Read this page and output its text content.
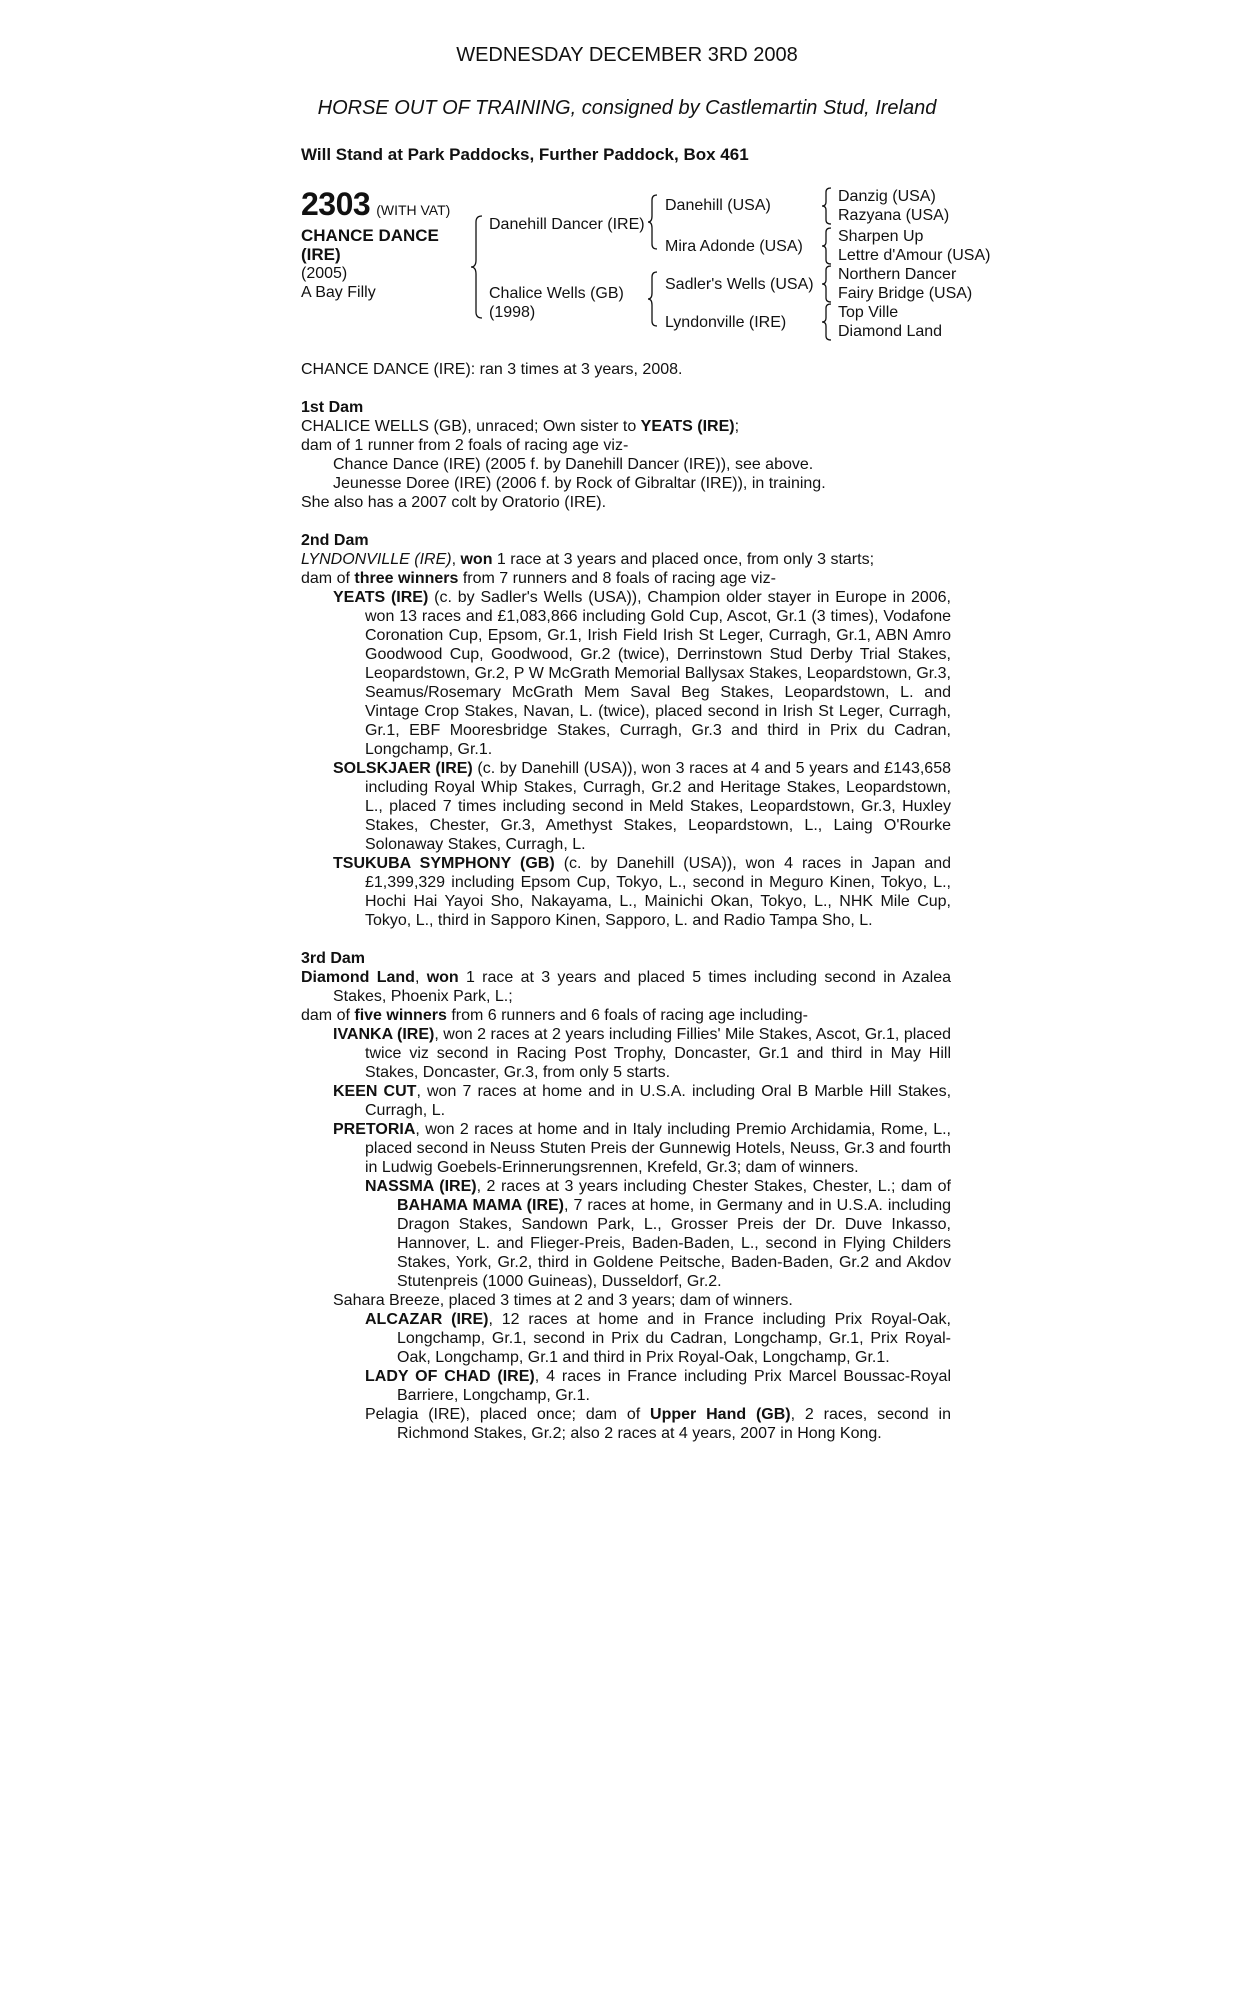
WEDNESDAY DECEMBER 3RD 2008
HORSE OUT OF TRAINING, consigned by Castlemartin Stud, Ireland
Will Stand at Park Paddocks, Further Paddock, Box 461
2303 (WITH VAT)
CHANCE DANCE (IRE)
(2005)
A Bay Filly
Danehill Dancer (IRE)
Chalice Wells (GB)
(1998)
Danehill (USA)
Mira Adonde (USA)
Sadler's Wells (USA)
Lyndonville (IRE)
Danzig (USA)
Razyana (USA)
Sharpen Up
Lettre d'Amour (USA)
Northern Dancer
Fairy Bridge (USA)
Top Ville
Diamond Land

CHANCE DANCE (IRE): ran 3 times at 3 years, 2008.

1st Dam

CHALICE WELLS (GB), unraced; Own sister to YEATS (IRE);

dam of 1 runner from 2 foals of racing age viz-

Chance Dance (IRE) (2005 f. by Danehill Dancer (IRE)), see above.

Jeunesse Doree (IRE) (2006 f. by Rock of Gibraltar (IRE)), in training.

She also has a 2007 colt by Oratorio (IRE).

2nd Dam

LYNDONVILLE (IRE), won 1 race at 3 years and placed once, from only 3 starts;

dam of three winners from 7 runners and 8 foals of racing age viz-

YEATS (IRE) (c. by Sadler's Wells (USA)), Champion older stayer in Europe in 2006, won 13 races and £1,083,866 including Gold Cup, Ascot, Gr.1 (3 times), Vodafone Coronation Cup, Epsom, Gr.1, Irish Field Irish St Leger, Curragh, Gr.1, ABN Amro Goodwood Cup, Goodwood, Gr.2 (twice), Derrinstown Stud Derby Trial Stakes, Leopardstown, Gr.2, P W McGrath Memorial Ballysax Stakes, Leopardstown, Gr.3, Seamus/Rosemary McGrath Mem Saval Beg Stakes, Leopardstown, L. and Vintage Crop Stakes, Navan, L. (twice), placed second in Irish St Leger, Curragh, Gr.1, EBF Mooresbridge Stakes, Curragh, Gr.3 and third in Prix du Cadran, Longchamp, Gr.1.

SOLSKJAER (IRE) (c. by Danehill (USA)), won 3 races at 4 and 5 years and £143,658 including Royal Whip Stakes, Curragh, Gr.2 and Heritage Stakes, Leopardstown, L., placed 7 times including second in Meld Stakes, Leopardstown, Gr.3, Huxley Stakes, Chester, Gr.3, Amethyst Stakes, Leopardstown, L., Laing O'Rourke Solonaway Stakes, Curragh, L.

TSUKUBA SYMPHONY (GB) (c. by Danehill (USA)), won 4 races in Japan and £1,399,329 including Epsom Cup, Tokyo, L., second in Meguro Kinen, Tokyo, L., Hochi Hai Yayoi Sho, Nakayama, L., Mainichi Okan, Tokyo, L., NHK Mile Cup, Tokyo, L., third in Sapporo Kinen, Sapporo, L. and Radio Tampa Sho, L.

3rd Dam

Diamond Land, won 1 race at 3 years and placed 5 times including second in Azalea Stakes, Phoenix Park, L.;

dam of five winners from 6 runners and 6 foals of racing age including-

IVANKA (IRE), won 2 races at 2 years including Fillies' Mile Stakes, Ascot, Gr.1, placed twice viz second in Racing Post Trophy, Doncaster, Gr.1 and third in May Hill Stakes, Doncaster, Gr.3, from only 5 starts.

KEEN CUT, won 7 races at home and in U.S.A. including Oral B Marble Hill Stakes, Curragh, L.

PRETORIA, won 2 races at home and in Italy including Premio Archidamia, Rome, L., placed second in Neuss Stuten Preis der Gunnewig Hotels, Neuss, Gr.3 and fourth in Ludwig Goebels-Erinnerungsrennen, Krefeld, Gr.3; dam of winners.

NASSMA (IRE), 2 races at 3 years including Chester Stakes, Chester, L.; dam of BAHAMA MAMA (IRE), 7 races at home, in Germany and in U.S.A. including Dragon Stakes, Sandown Park, L., Grosser Preis der Dr. Duve Inkasso, Hannover, L. and Flieger-Preis, Baden-Baden, L., second in Flying Childers Stakes, York, Gr.2, third in Goldene Peitsche, Baden-Baden, Gr.2 and Akdov Stutenpreis (1000 Guineas), Dusseldorf, Gr.2.

Sahara Breeze, placed 3 times at 2 and 3 years; dam of winners.

ALCAZAR (IRE), 12 races at home and in France including Prix Royal-Oak, Longchamp, Gr.1, second in Prix du Cadran, Longchamp, Gr.1, Prix Royal-Oak, Longchamp, Gr.1 and third in Prix Royal-Oak, Longchamp, Gr.1.

LADY OF CHAD (IRE), 4 races in France including Prix Marcel Boussac-Royal Barriere, Longchamp, Gr.1.

Pelagia (IRE), placed once; dam of Upper Hand (GB), 2 races, second in Richmond Stakes, Gr.2; also 2 races at 4 years, 2007 in Hong Kong.
